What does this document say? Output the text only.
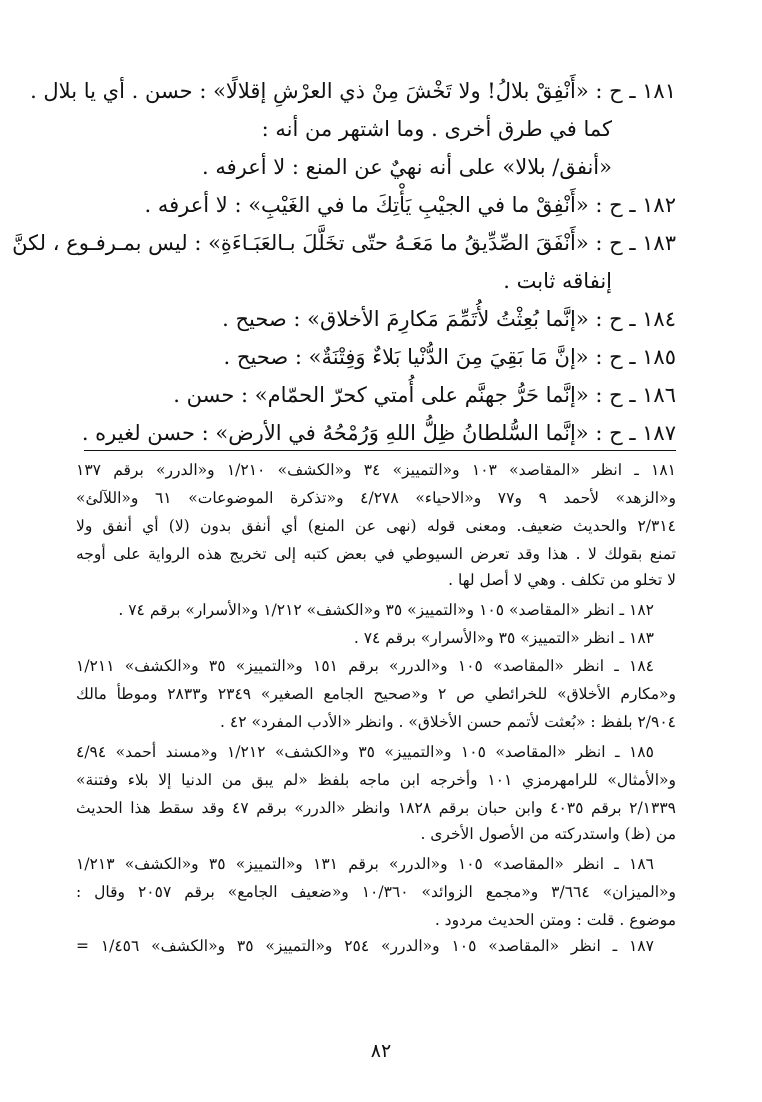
١٨١ ـ ح : «أَنْفِقْ بلالُ! ولا تَخْشَ مِنْ ذي العرْشِ إقلالًا» : حسن . أي يا بلال .
كما في طرق أخرى . وما اشتهر من أنه :
«أنفق/ بلالا» على أنه نهيٌ عن المنع : لا أعرفه .
١٨٢ ـ ح : «أَنْفِقْ ما في الجيْبِ يَأْتِكَ ما في الغَيْبِ» : لا أعرفه .
١٨٣ ـ ح : «أَنْفَقَ الصِّدِّيقُ ما مَعَـهُ حتّى تخَلَّلَ بـالعَبَـاءَةِ» : ليس بمـرفـوع ، لكنَّ
إنفاقه ثابت .
١٨٤ ـ ح : «إنَّما بُعِثْتُ لأُتَمِّمَ مَكارِمَ الأخلاق» : صحيح .
١٨٥ ـ ح : «إنَّ مَا بَقِيَ مِنَ الدُّنْيا بَلاءٌ وَفِتْنَةٌ» : صحيح .
١٨٦ ـ ح : «إنَّما حَرُّ جهنَّم على أُمتي كحرّ الحمّام» : حسن .
١٨٧ ـ ح : «إنَّما السُّلطانُ ظِلُّ اللهِ وَرُمْحُهُ في الأرض» : حسن لغيره .
١٨١ ـ انظر «المقاصد» ١٠٣ و«التمييز» ٣٤ و«الكشف» ١/٢١٠ و«الدرر» برقم ١٣٧
و«الزهد» لأحمد ٩ و٧٧ و«الاحياء» ٤/٢٧٨ و«تذكرة الموضوعات» ٦١ و«اللآلئ»
٢/٣١٤ والحديث ضعيف. ومعنى قوله (نهى عن المنع) أي أنفق بدون (لا) أي أنفق ولا
تمنع بقولك لا . هذا وقد تعرض السيوطي في بعض كتبه إلى تخريج هذه الرواية على أوجه
لا تخلو من تكلف . وهي لا أصل لها .
١٨٢ ـ انظر «المقاصد» ١٠٥ و«التمييز» ٣٥ و«الكشف» ١/٢١٢ و«الأسرار» برقم ٧٤ .
١٨٣ ـ انظر «التمييز» ٣٥ و«الأسرار» برقم ٧٤ .
١٨٤ ـ انظر «المقاصد» ١٠٥ و«الدرر» برقم ١٥١ و«التمييز» ٣٥ و«الكشف» ١/٢١١
و«مكارم الأخلاق» للخرائطي ص ٢ و«صحيح الجامع الصغير» ٢٣٤٩ و٢٨٣٣ وموطأ مالك
٢/٩٠٤ بلفظ : «بُعثت لأتمم حسن الأخلاق» . وانظر «الأدب المفرد» ٤٢ .
١٨٥ ـ انظر «المقاصد» ١٠٥ و«التمييز» ٣٥ و«الكشف» ١/٢١٢ و«مسند أحمد» ٤/٩٤
و«الأمثال» للرامهرمزي ١٠١ وأخرجه ابن ماجه بلفظ «لم يبق من الدنيا إلا بلاء وفتنة»
٢/١٣٣٩ برقم ٤٠٣٥ وابن حبان برقم ١٨٢٨ وانظر «الدرر» برقم ٤٧ وقد سقط هذا الحديث
من (ظ) واستدركته من الأصول الأخرى .
١٨٦ ـ انظر «المقاصد» ١٠٥ و«الدرر» برقم ١٣١ و«التمييز» ٣٥ و«الكشف» ١/٢١٣
و«الميزان» ٣/٦٦٤ و«مجمع الزوائد» ١٠/٣٦٠ و«ضعيف الجامع» برقم ٢٠٥٧ وقال :
موضوع . قلت : ومتن الحديث مردود .
١٨٧ ـ انظر «المقاصد» ١٠٥ و«الدرر» ٢٥٤ و«التمييز» ٣٥ و«الكشف» ١/٤٥٦ =
٨٢
